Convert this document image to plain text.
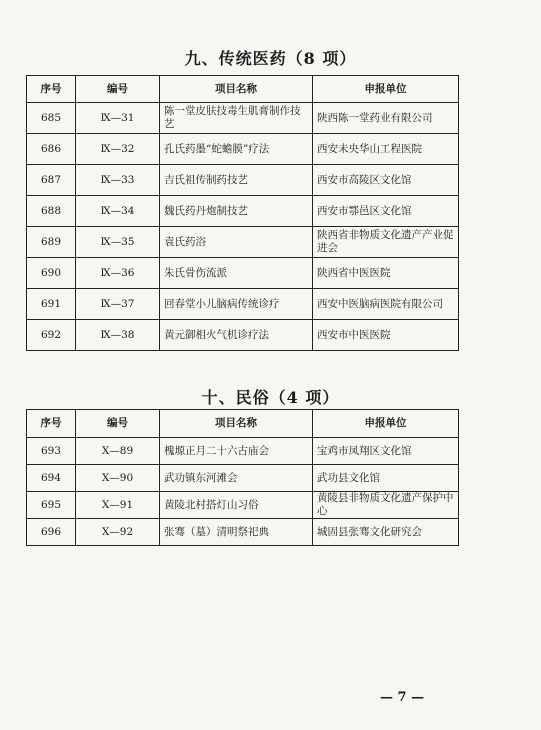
九、传统医药（8 项）
序号	编号	项目名称	申报单位
685	Ⅸ—31	陈一堂皮肤技毒生肌膏制作技艺	陕西陈一堂药业有限公司
686	Ⅸ—32	孔氏药墨“蛇蟾膜”疗法	西安未央华山工程医院
687	Ⅸ—33	吉氏祖传制药技艺	西安市高陵区文化馆
688	Ⅸ—34	魏氏药丹炮制技艺	西安市鄠邑区文化馆
689	Ⅸ—35	袁氏药浴	陕西省非物质文化遗产产业促进会
690	Ⅸ—36	朱氏骨伤流派	陕西省中医医院
691	Ⅸ—37	回春堂小儿脑病传统诊疗	西安中医脑病医院有限公司
692	Ⅸ—38	黄元御相火气机诊疗法	西安市中医医院
十、民俗（4 项）
序号	编号	项目名称	申报单位
693	Ⅹ—89	槐塬正月二十六古庙会	宝鸡市凤翔区文化馆
694	Ⅹ—90	武功镇东河滩会	武功县文化馆
695	Ⅹ—91	黄陵北村搭灯山习俗	黄陵县非物质文化遗产保护中心
696	Ⅹ—92	张骞（墓）清明祭祀典	城固县张骞文化研究会
— 7 —
